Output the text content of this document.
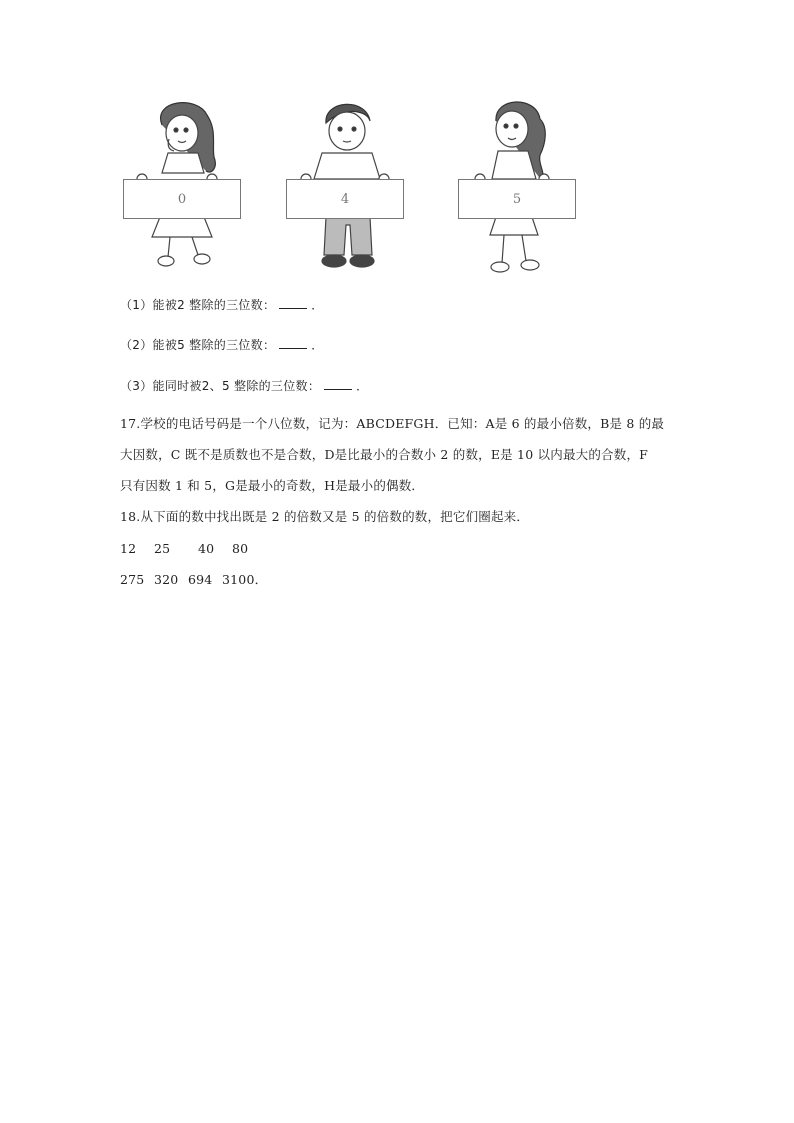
0	4	5
（1）能被2 整除的三位数：	．
（2）能被5 整除的三位数：	．
（3）能同时被2、5 整除的三位数：	．
17.学校的电话号码是一个八位数，记为：ABCDEFGH．已知：A是 6 的最小倍数，B是 8 的最
大因数，C 既不是质数也不是合数，D是比最小的合数小 2 的数，E是 10 以内最大的合数，F
只有因数 1 和 5，G是最小的奇数，H是最小的偶数．
18.从下面的数中找出既是 2 的倍数又是 5 的倍数的数，把它们圈起来．
12 25 40 80
275 320 694 3100．
